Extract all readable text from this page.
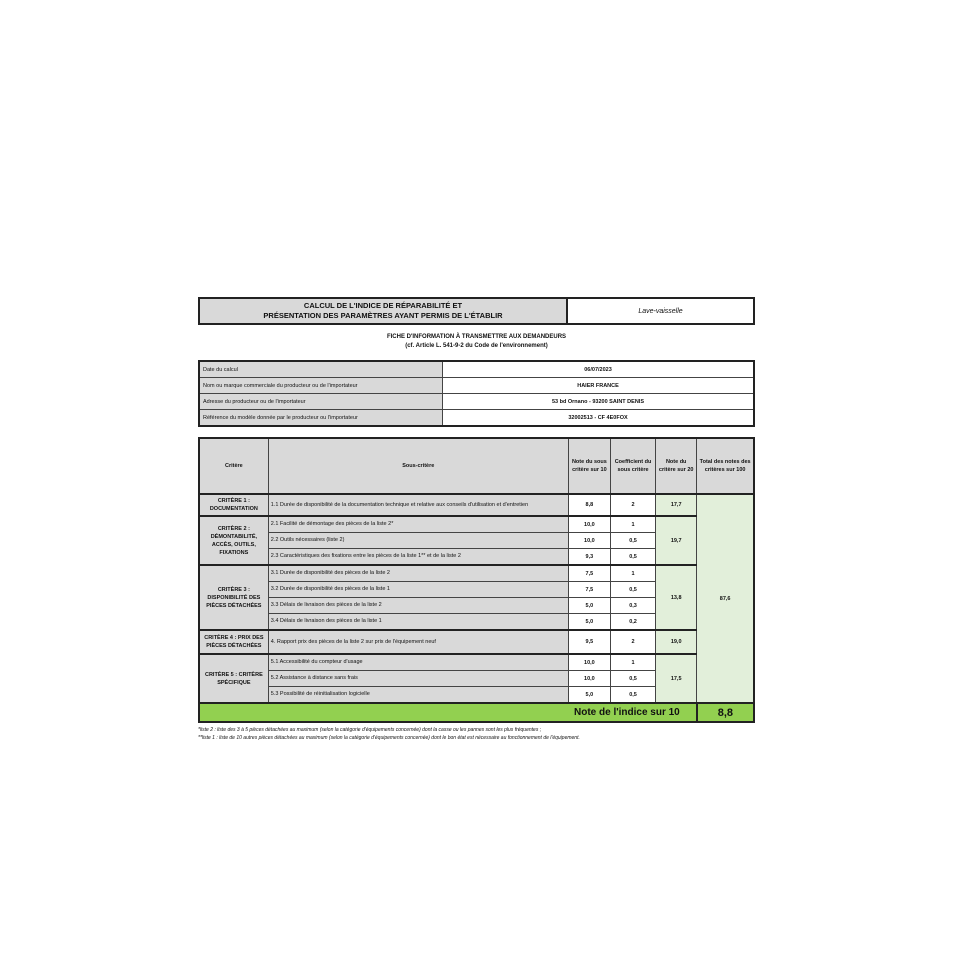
CALCUL DE L'INDICE DE RÉPARABILITÉ ET
PRÉSENTATION DES PARAMÈTRES AYANT PERMIS DE L'ÉTABLIR	Lave-vaisselle
FICHE D'INFORMATION À TRANSMETTRE AUX DEMANDEURS
(cf. Article L. 541-9-2 du Code de l'environnement)
Date du calcul	06/07/2023
Nom ou marque commerciale du producteur ou de l'importateur	HAIER FRANCE
Adresse du producteur ou de l'importateur	53 bd Ornano - 93200 SAINT DENIS
Référence du modèle donnée par le producteur ou l'importateur	32002513 - CF 4E0FOX
Critère	Sous-critère	Note du sous critère sur 10	Coefficient du sous critère	Note du critère sur 20	Total des notes des critères sur 100
CRITÈRE 1 : DOCUMENTATION	1.1 Durée de disponibilité de la documentation technique et relative aux conseils d'utilisation et d'entretien	8,8	2	17,7	87,6
CRITÈRE 2 : DÉMONTABILITÉ, ACCÈS, OUTILS, FIXATIONS	2.1 Facilité de démontage des pièces de la liste 2*	10,0	1	19,7	
	2.2 Outils nécessaires (liste 2)	10,0	0,5		
	2.3 Caractéristiques des fixations entre les pièces de la liste 1** et de la liste 2	9,3	0,5		
CRITÈRE 3 : DISPONIBILITÉ DES PIÈCES DÉTACHÉES	3.1 Durée de disponibilité des pièces de la liste 2	7,5	1	13,8	
	3.2 Durée de disponibilité des pièces de la liste 1	7,5	0,5		
	3.3 Délais de livraison des pièces de la liste 2	5,0	0,3		
	3.4 Délais de livraison des pièces de la liste 1	5,0	0,2		
CRITÈRE 4 : PRIX DES PIÈCES DÉTACHÉES	4. Rapport prix des pièces de la liste 2 sur prix de l'équipement neuf	9,5	2	19,0	
CRITÈRE 5 : CRITÈRE SPÉCIFIQUE	5.1 Accessibilité du compteur d'usage	10,0	1	17,5	
	5.2 Assistance à distance sans frais	10,0	0,5		
	5.3 Possibilité de réinitialisation logicielle	5,0	0,5		
Note de l'indice sur 10					8,8
*liste 2 : liste des 3 à 5 pièces détachées au maximum (selon la catégorie d'équipements concernée) dont la casse ou les pannes sont les plus fréquentes ;
**liste 1 : liste de 10 autres pièces détachées au maximum (selon la catégorie d'équipements concernée) dont le bon état est nécessaire au fonctionnement de l'équipement.
